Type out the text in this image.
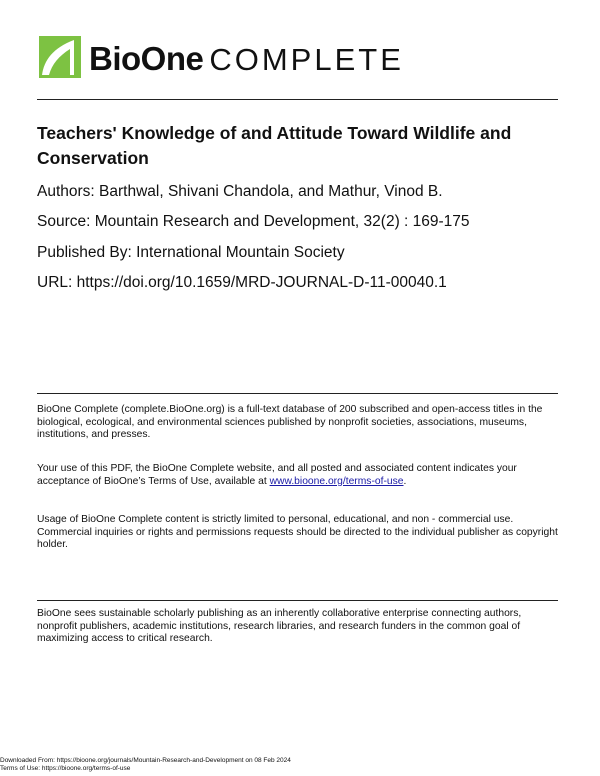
BioOne COMPLETE
Teachers' Knowledge of and Attitude Toward Wildlife and Conservation
Authors: Barthwal, Shivani Chandola, and Mathur, Vinod B.
Source: Mountain Research and Development, 32(2) : 169-175
Published By: International Mountain Society
URL: https://doi.org/10.1659/MRD-JOURNAL-D-11-00040.1

BioOne Complete (complete.BioOne.org) is a full-text database of 200 subscribed and open-access titles in the biological, ecological, and environmental sciences published by nonprofit societies, associations, museums, institutions, and presses.

Your use of this PDF, the BioOne Complete website, and all posted and associated content indicates your acceptance of BioOne’s Terms of Use, available at www.bioone.org/terms-of-use.

Usage of BioOne Complete content is strictly limited to personal, educational, and non - commercial use. Commercial inquiries or rights and permissions requests should be directed to the individual publisher as copyright holder.

BioOne sees sustainable scholarly publishing as an inherently collaborative enterprise connecting authors, nonprofit publishers, academic institutions, research libraries, and research funders in the common goal of maximizing access to critical research.

Downloaded From: https://bioone.org/journals/Mountain-Research-and-Development on 08 Feb 2024
Terms of Use: https://bioone.org/terms-of-use
